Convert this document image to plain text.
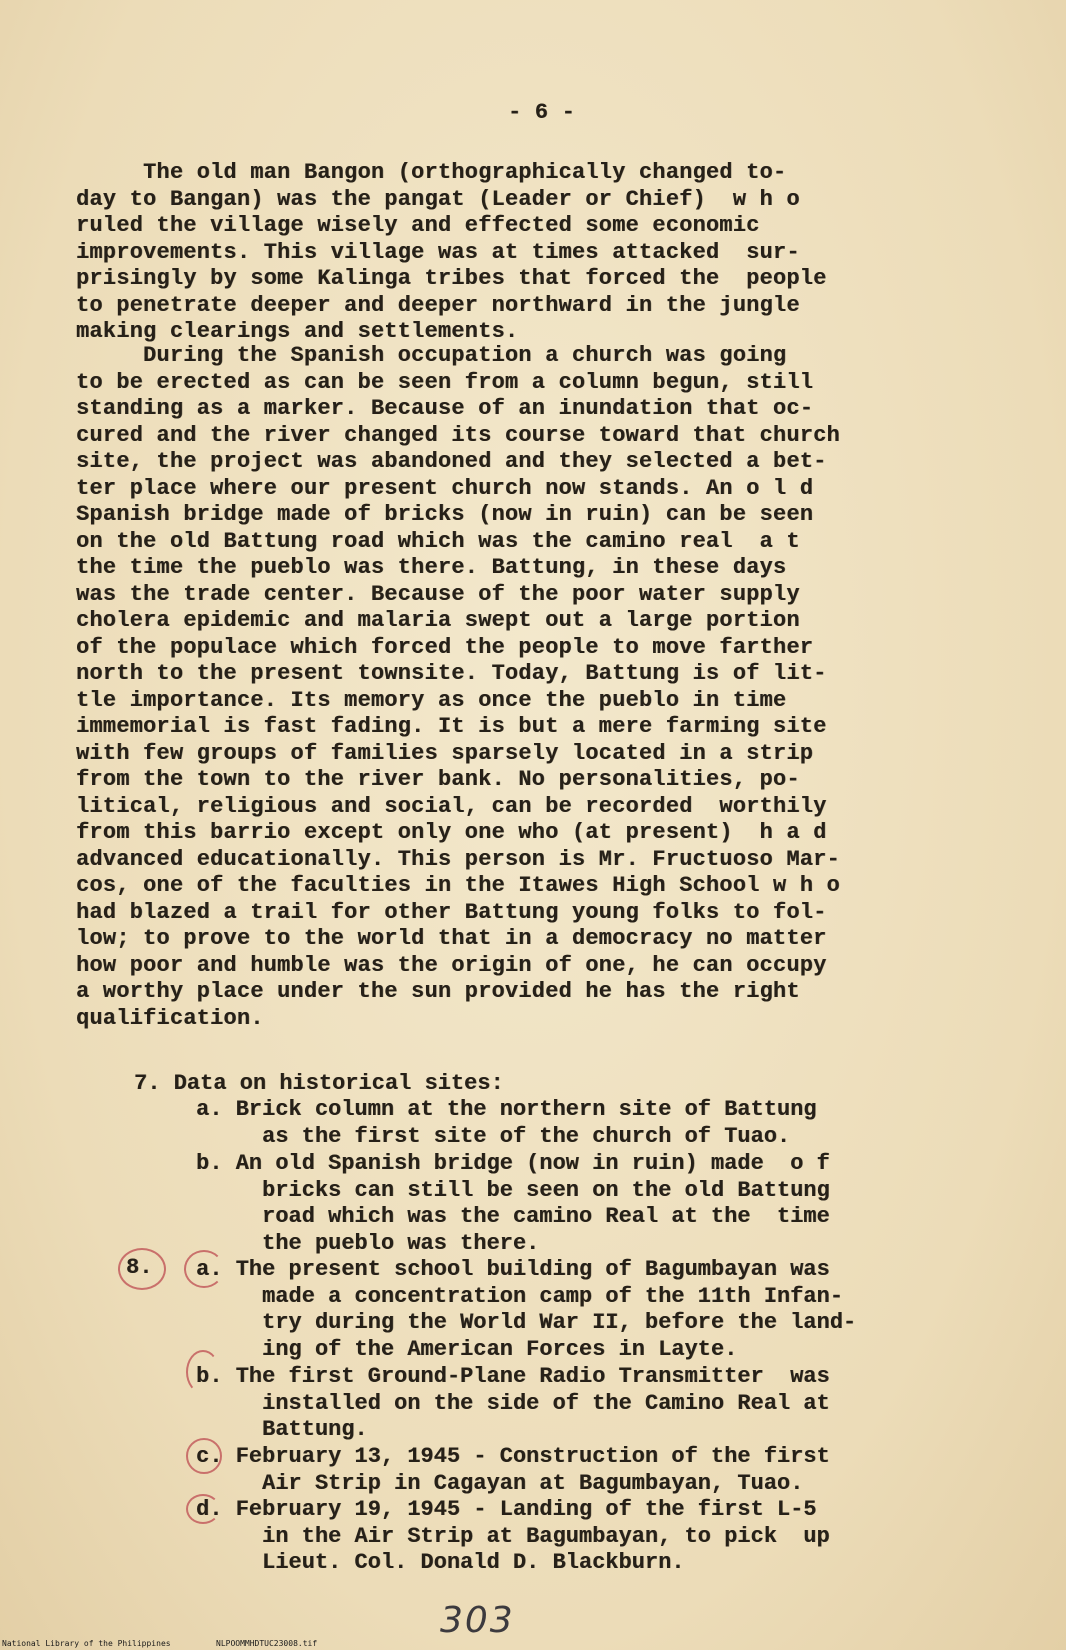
- 6 -
The old man Bangon (orthographically changed to-
day to Bangan) was the pangat (Leader or Chief)  w h o
ruled the village wisely and effected some economic
improvements. This village was at times attacked  sur-
prisingly by some Kalinga tribes that forced the  people
to penetrate deeper and deeper northward in the jungle
making clearings and settlements.
During the Spanish occupation a church was going
to be erected as can be seen from a column begun, still
standing as a marker. Because of an inundation that oc-
cured and the river changed its course toward that church
site, the project was abandoned and they selected a bet-
ter place where our present church now stands. An o l d
Spanish bridge made of bricks (now in ruin) can be seen
on the old Battung road which was the camino real  a t
the time the pueblo was there. Battung, in these days
was the trade center. Because of the poor water supply
cholera epidemic and malaria swept out a large portion
of the populace which forced the people to move farther
north to the present townsite. Today, Battung is of lit-
tle importance. Its memory as once the pueblo in time
immemorial is fast fading. It is but a mere farming site
with few groups of families sparsely located in a strip
from the town to the river bank. No personalities, po-
litical, religious and social, can be recorded  worthily
from this barrio except only one who (at present)  h a d
advanced educationally. This person is Mr. Fructuoso Mar-
cos, one of the faculties in the Itawes High School w h o
had blazed a trail for other Battung young folks to fol-
low; to prove to the world that in a democracy no matter
how poor and humble was the origin of one, he can occupy
a worthy place under the sun provided he has the right
qualification.
7. Data on historical sites:
a. Brick column at the northern site of Battung
as the first site of the church of Tuao.
b. An old Spanish bridge (now in ruin) made  o f
bricks can still be seen on the old Battung
road which was the camino Real at the  time
the pueblo was there.
8. a. The present school building of Bagumbayan was
made a concentration camp of the 11th Infan-
try during the World War II, before the land-
ing of the American Forces in Layte.
b. The first Ground-Plane Radio Transmitter  was
installed on the side of the Camino Real at
Battung.
c. February 13, 1945 - Construction of the first
Air Strip in Cagayan at Bagumbayan, Tuao.
d. February 19, 1945 - Landing of the first L-5
in the Air Strip at Bagumbayan, to pick  up
Lieut. Col. Donald D. Blackburn.
303
National Library of the Philippines	NLPOOMMHDTUC23008.tif
